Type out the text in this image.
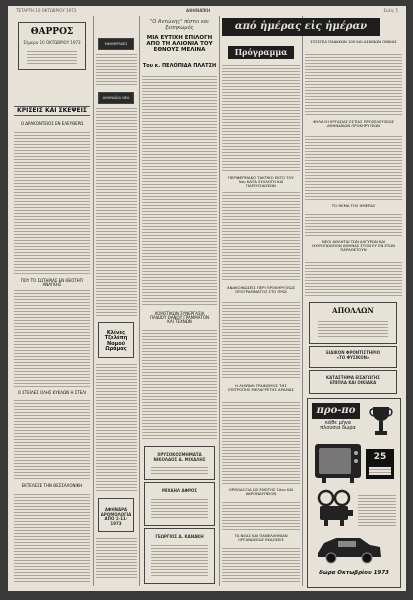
ΤΕΤΑΡΤΗ 10 ΟΚΤΩΒΡΙΟΥ 1973	ΑΘΗΝΑΪΚΗ	Σελίς 5
ΘΑΡΡΟΣ
Σήμερα 10 ΟΚΤΩΒΡΙΟΥ 1973
ΚΡΙΣΕΙΣ ΚΑΙ ΣΚΕΨΕΙΣ
Ο ΔΡΑΚΟΝΤΕΙΟΣ ΕΝ ΕΛΕΥΘΕΡΩ
ΠΟΥ ΤΟ ΣΩΤΗΡΙΑΣ ΕΝ ΘΕΟΤΗΤΙ ΑΝΑΓΚΗΣ
Ο ΣΤΕΙΛΕΣ ΟΛΗΣ ΚΥΚΛΩΝ Η ΣΤΕΛΙ
ΕΚΤΕΛΕΣΕ ΤΗΝ ΘΕΣΣΑΛΟΝΙΚΗ
ΕΦΗΜΕΡΙΔΕΣ
ΑΘΗΝΑΪΚΑ ΝΕΑ
Κλίνες Τζελέπη
Νομού Ωράμας
ΑΦΗΝΑΡΑ ΔΡΟΜΟΛΟΓΙΑ
ΑΠΟ 1-11-1973
"Ο Αντώνης" πίστει και ξεσηκωμός
ΜΙΑ ΕΥΤΙΧΗ ΕΠΙΛΟΓΗ ΑΠΟ ΤΗ ΑΛΙΟΝΙΑ ΤΟΥ ΕΘΝΟΥΣ ΜΕΛΙΝΑ
Του κ. ΠΕΛΟΠΙΔΑ ΠΛΑΤΣΗ
ΧΟΡΙΣΤΙΚΩΝ ΣΥΝΕΡΓΑΣΙΑ ΠΑΙΔΙΟΥ ΘΑΝΟΥ ΓΡΑΜΜΑΤΟΝ ΚΑΙ ΤΕΧΝΩΝ
ΧΡΥΣΟΚΟΣΜΗΜΑΤΑ ΝΙΚΟΛΑΟΣ Α. ΜΙΧΑΛΗΣ
ΜΙΧΑΗΛ ΑΦΡΟΣ
ΓΕΩΡΓΙΟΣ Δ. ΚΑΝΑΚΗ
από ἡμέρας εἰς ἡμέραν
Πρόγραμμα
ΠΕΡΙΦΕΡΕΙΑΚΟ ΤΑΚΤΙΚΟ ΕΚΤΟ ΤΟΥ 5ου ΚΑΤΑ ΣΥΛΛΟΓΗ ΚΑΙ ΠΑΡΟΥΣΙΑΣΕΩΝ
ΑΝΑΚΟΙΝΩΣΕΙΣ ΠΕΡΙ ΠΡΟΚΗΡΥΞΕΩΣ ΠΡΟΓΡΑΜΜΑΤΟΣ ΣΤΟ ΠΡΩΪ
Η ΛΗΨΙΝΗ ΓΡΑΦΙΣΜΟΣ ΤΗΣ ΕΠΙΤΡΟΠΗΣ ΜΕΛΑΓΡΕΤΗΣ ΑΡΑΜΑΣ
ΟΡΘΟΔΟΞΙΑ ΩΣ ΕΝΟΤΗΣ 10ου ΚΑΙ ΑΚΡΟΝΑΥΠΕΙΟΝ
ΤΑ ΝΕΑΣ ΚΑΙ ΠΑΝΕΛΛΗΝΙΑΝ ΟΡΓΑΝΩΣΕΩΣ ΕΚΔΟΣΕΙΣ
ΣΥΣΣΙΤΙΑ ΠΑΙΔΙΚΩΝ 100 ΚΑΙ ΑΣΚΙΝΩΝ ΟΝΙΚΑΣ
ΦΥΛΑΞΗ ΕΡΓΑΣΙΑΣ ΕΣΤΙΑΣ ΠΡΟΣΕΛΕΥΣΕΩΣ ΑΘΗΝΑΪΚΩΝ ΠΡΟΚΗΡΥΞΕΩΝ
ΤΟ ΘΕΜΑ ΤΗΣ ΗΜΕΡΑΣ
ΝΕΟΙ ΑΘΛΗΤΑΙ ΤΩΝ ΑΛΓΥΡΩΝ ΚΑΙ ΙΧΘΥΟΠΩΛΕΙΟΝ ΑΘΗΝΑΣ ΣΤΟΝ ΕΥ ΕΝ ΕΤΩΝ ΠΑΡΑΘΕΤΟΥΝ
ΑΠΟΛΛΩΝ
ΕΙΔΙΚΟΝ ΦΡΟΝΤΙΣΤΗΡΙΟ
«ΤΟ ΦΥΣΙΚΟΝ»
ΚΑΤΑΣΤΗΜΑ ΕΙΣΑΓΩΓΗΣ
ΕΠΙΠΛΑ ΚΑΙ ΟΙΚΙΑΚΑ
προ-πο
κάθε μήνα
πλούσια δώρα
25
δώρα Οκτωβρίου 1973
